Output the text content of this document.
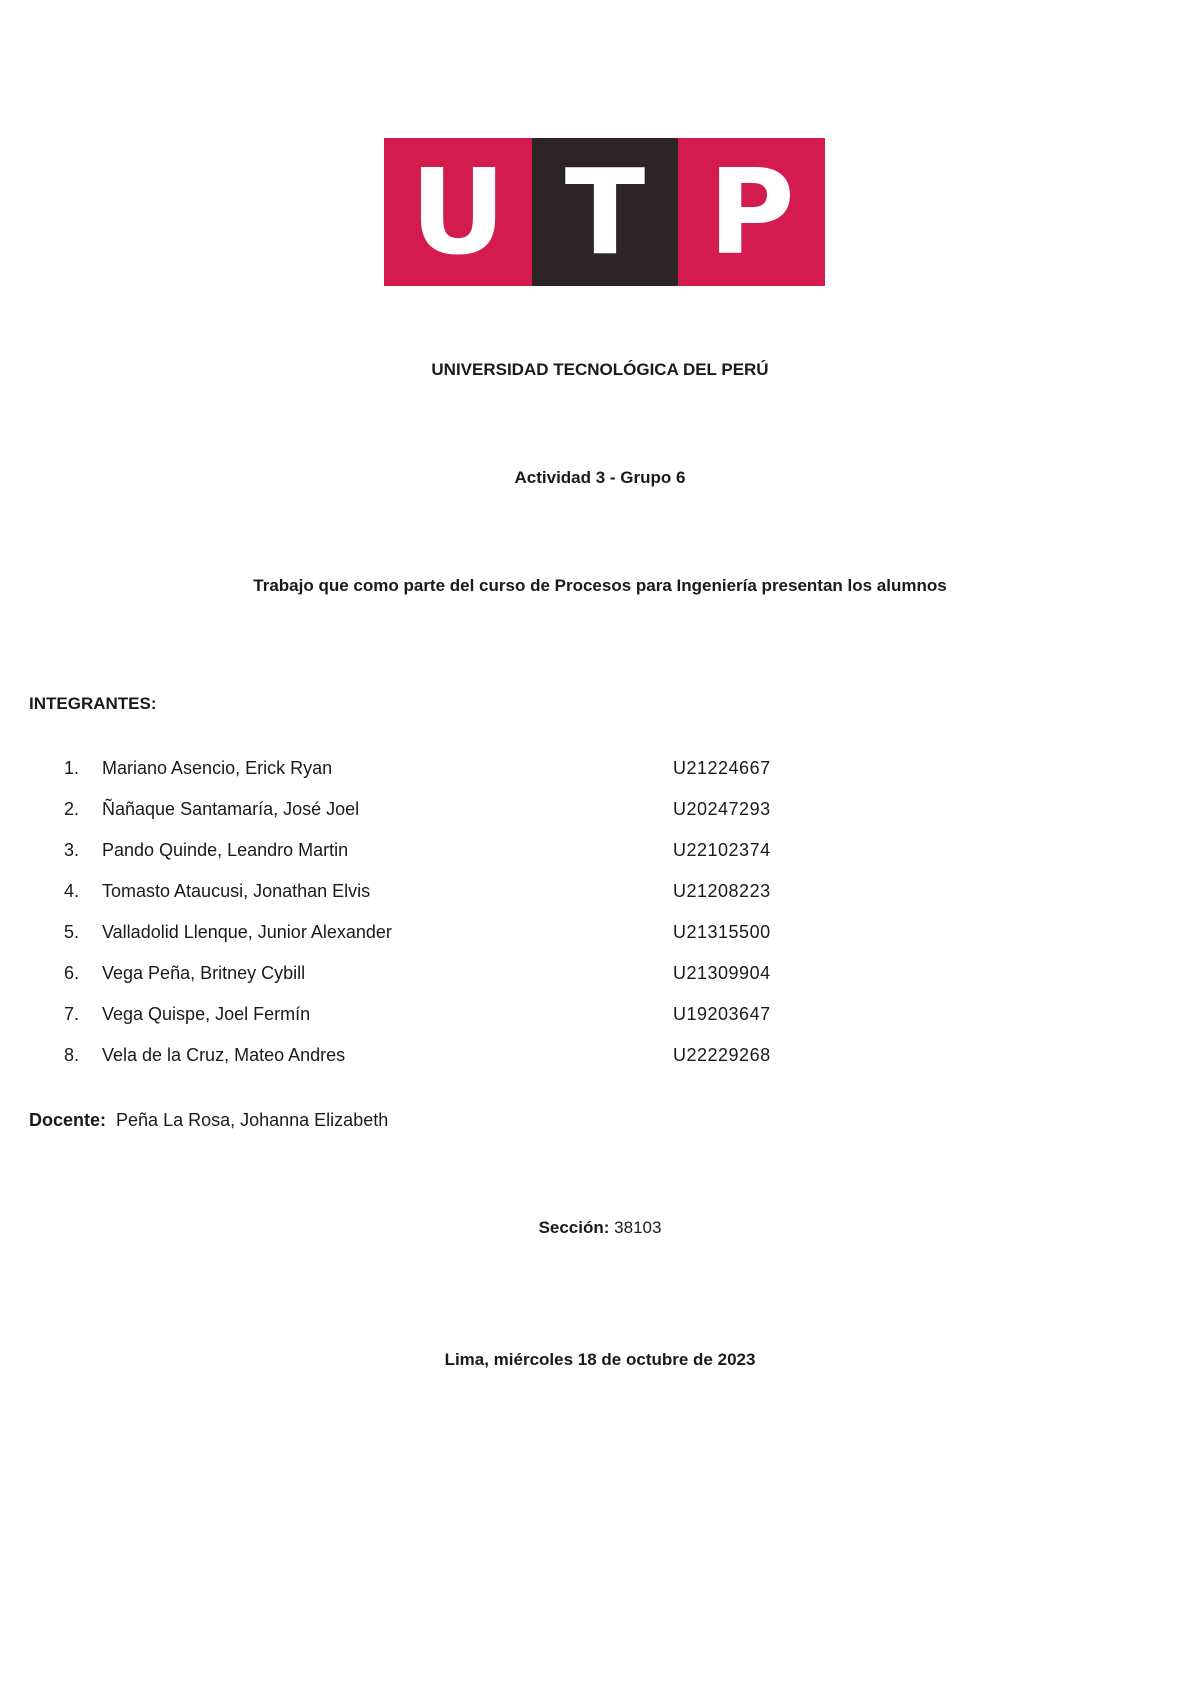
U T P
UNIVERSIDAD TECNOLÓGICA DEL PERÚ
Actividad 3 - Grupo 6
Trabajo que como parte del curso de Procesos para Ingeniería presentan los alumnos
INTEGRANTES:
1.	Mariano Asencio, Erick Ryan	U21224667
2.	Ñañaque Santamaría, José Joel	U20247293
3.	Pando Quinde, Leandro Martin	U22102374
4.	Tomasto Ataucusi, Jonathan Elvis	U21208223
5.	Valladolid Llenque, Junior Alexander	U21315500
6.	Vega Peña, Britney Cybill	U21309904
7.	Vega Quispe, Joel Fermín	U19203647
8.	Vela de la Cruz, Mateo Andres	U22229268
Docente: Peña La Rosa, Johanna Elizabeth
Sección: 38103
Lima, miércoles 18 de octubre de 2023
